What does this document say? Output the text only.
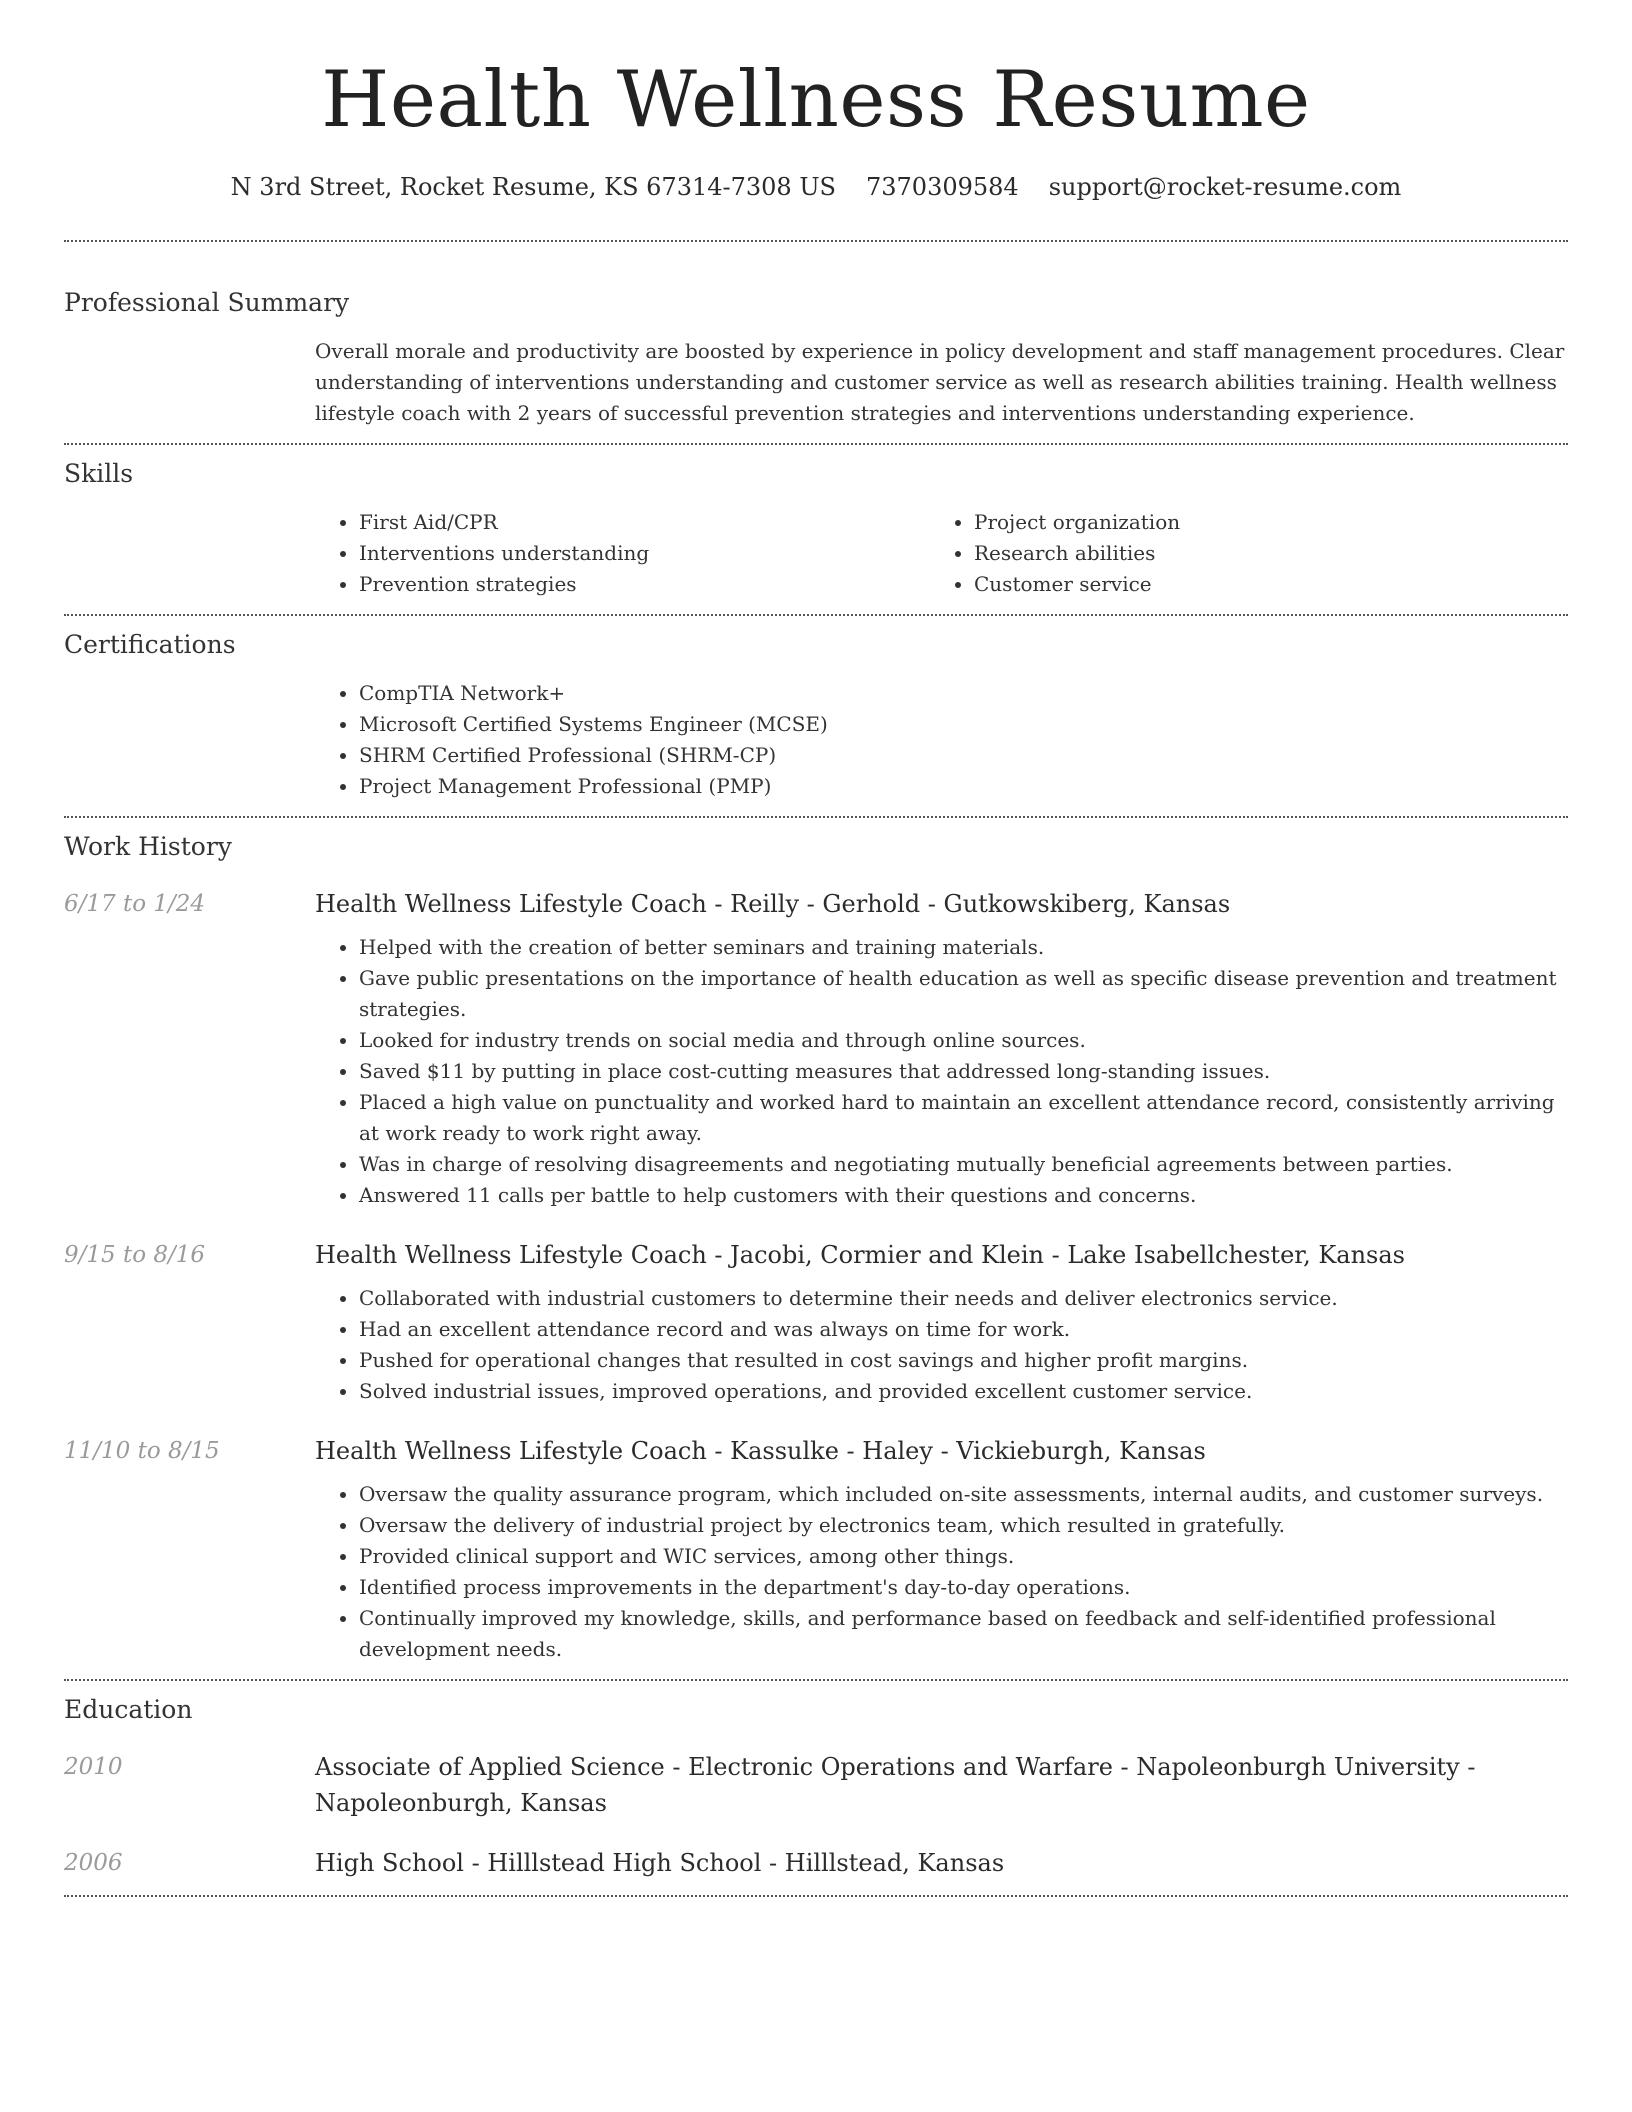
Health Wellness Resume
N 3rd Street, Rocket Resume, KS 67314-7308 US 7370309584 support@rocket-resume.com
Professional Summary

Overall morale and productivity are boosted by experience in policy development and staff management procedures. Clear understanding of interventions understanding and customer service as well as research abilities training. Health wellness lifestyle coach with 2 years of successful prevention strategies and interventions understanding experience.

Skills
• First Aid/CPR
• Interventions understanding
• Prevention strategies
• Project organization
• Research abilities
• Customer service
Certifications
• CompTIA Network+
• Microsoft Certified Systems Engineer (MCSE)
• SHRM Certified Professional (SHRM-CP)
• Project Management Professional (PMP)
Work History
6/17 to 1/24	Health Wellness Lifestyle Coach - Reilly - Gerhold - Gutkowskiberg, Kansas
• Helped with the creation of better seminars and training materials.
• Gave public presentations on the importance of health education as well as specific disease prevention and treatment strategies.
• Looked for industry trends on social media and through online sources.
• Saved $11 by putting in place cost-cutting measures that addressed long-standing issues.
• Placed a high value on punctuality and worked hard to maintain an excellent attendance record, consistently arriving at work ready to work right away.
• Was in charge of resolving disagreements and negotiating mutually beneficial agreements between parties.
• Answered 11 calls per battle to help customers with their questions and concerns.
9/15 to 8/16	Health Wellness Lifestyle Coach - Jacobi, Cormier and Klein - Lake Isabellchester, Kansas
• Collaborated with industrial customers to determine their needs and deliver electronics service.
• Had an excellent attendance record and was always on time for work.
• Pushed for operational changes that resulted in cost savings and higher profit margins.
• Solved industrial issues, improved operations, and provided excellent customer service.
11/10 to 8/15	Health Wellness Lifestyle Coach - Kassulke - Haley - Vickieburgh, Kansas
• Oversaw the quality assurance program, which included on-site assessments, internal audits, and customer surveys.
• Oversaw the delivery of industrial project by electronics team, which resulted in gratefully.
• Provided clinical support and WIC services, among other things.
• Identified process improvements in the department's day-to-day operations.
• Continually improved my knowledge, skills, and performance based on feedback and self-identified professional development needs.
Education
2010	Associate of Applied Science - Electronic Operations and Warfare - Napoleonburgh University - Napoleonburgh, Kansas
2006	High School - Hilllstead High School - Hilllstead, Kansas
